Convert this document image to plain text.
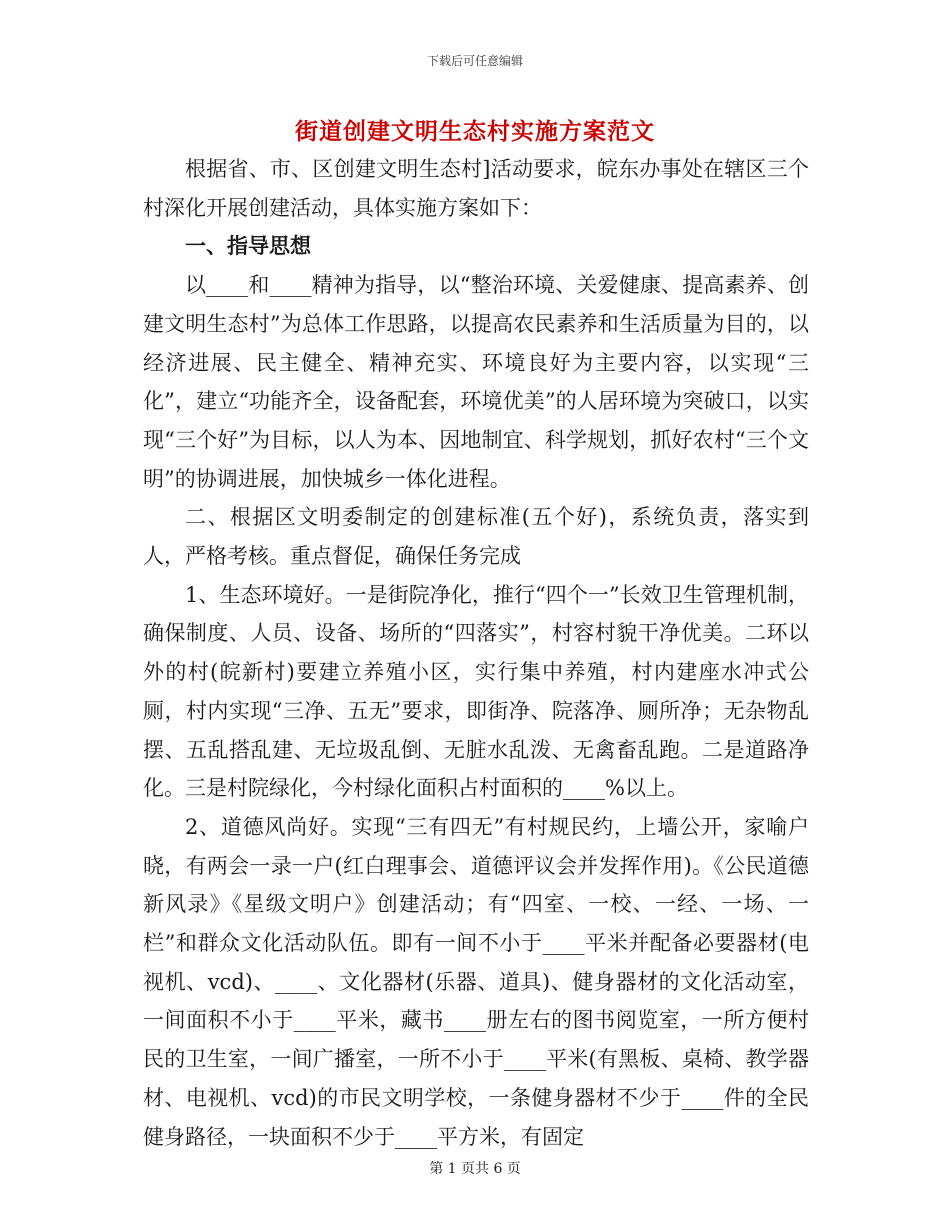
下载后可任意编辑
街道创建文明生态村实施方案范文

根据省、市、区创建文明生态村]活动要求，皖东办事处在辖区三个村深化开展创建活动，具体实施方案如下：

一、指导思想

以____和____精神为指导，以“整治环境、关爱健康、提高素养、创建文明生态村”为总体工作思路，以提高农民素养和生活质量为目的，以经济进展、民主健全、精神充实、环境良好为主要内容，以实现“三化”，建立“功能齐全，设备配套，环境优美”的人居环境为突破口，以实现“三个好”为目标，以人为本、因地制宜、科学规划，抓好农村“三个文明”的协调进展，加快城乡一体化进程。

二、根据区文明委制定的创建标准(五个好)，系统负责，落实到人，严格考核。重点督促，确保任务完成

1、生态环境好。一是街院净化，推行“四个一”长效卫生管理机制，确保制度、人员、设备、场所的“四落实”，村容村貌干净优美。二环以外的村(皖新村)要建立养殖小区，实行集中养殖，村内建座水冲式公厕，村内实现“三净、五无”要求，即街净、院落净、厕所净；无杂物乱摆、五乱搭乱建、无垃圾乱倒、无脏水乱泼、无禽畜乱跑。二是道路净化。三是村院绿化，今村绿化面积占村面积的____%以上。

2、道德风尚好。实现“三有四无”有村规民约，上墙公开，家喻户晓，有两会一录一户(红白理事会、道德评议会并发挥作用)。《公民道德新风录》《星级文明户》创建活动；有“四室、一校、一经、一场、一栏”和群众文化活动队伍。即有一间不小于____平米并配备必要器材(电视机、vcd)、____、文化器材(乐器、道具)、健身器材的文化活动室，一间面积不小于____平米，藏书____册左右的图书阅览室，一所方便村民的卫生室，一间广播室，一所不小于____平米(有黑板、桌椅、教学器材、电视机、vcd)的市民文明学校，一条健身器材不少于____件的全民健身路径，一块面积不少于____平方米，有固定

第 1 页共 6 页
